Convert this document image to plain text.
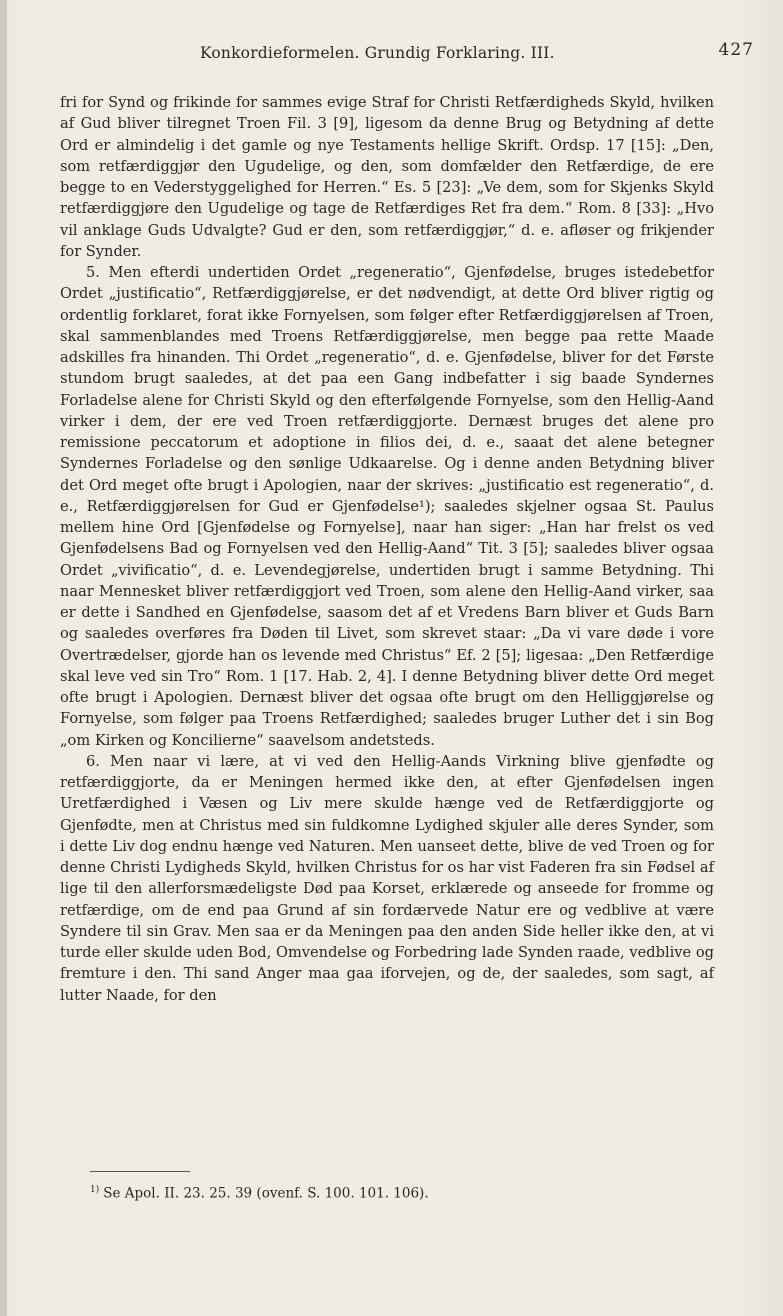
Konkordieformelen. Grundig Forklaring. III.	427

fri for Synd og frikinde for sammes evige Straf for Christi Retfærdigheds Skyld, hvilken af Gud bliver tilregnet Troen Fil. 3 [9], ligesom da denne Brug og Betydning af dette Ord er almindelig i det gamle og nye Testaments hellige Skrift. Ordsp. 17 [15]: „Den, som retfærdiggjør den Ugudelige, og den, som domfælder den Retfærdige, de ere begge to en Vederstyggelighed for Herren.“ Es. 5 [23]: „Ve dem, som for Skjenks Skyld retfærdiggjøre den Ugudelige og tage de Retfærdiges Ret fra dem.“ Rom. 8 [33]: „Hvo vil anklage Guds Udvalgte? Gud er den, som retfærdiggjør,“ d. e. afløser og frikjender for Synder.

5. Men efterdi undertiden Ordet „regeneratio“, Gjenfødelse, bruges istedebetfor Ordet „justificatio“, Retfærdiggjørelse, er det nødvendigt, at dette Ord bliver rigtig og ordentlig forklaret, forat ikke Fornyelsen, som følger efter Retfærdiggjørelsen af Troen, skal sammenblandes med Troens Retfærdiggjørelse, men begge paa rette Maade adskilles fra hinanden. Thi Ordet „regeneratio“, d. e. Gjenfødelse, bliver for det Første stundom brugt saaledes, at det paa een Gang indbefatter i sig baade Syndernes Forladelse alene for Christi Skyld og den efterfølgende Fornyelse, som den Hellig-Aand virker i dem, der ere ved Troen retfærdiggjorte. Dernæst bruges det alene pro remissione peccatorum et adoptione in filios dei, d. e., saaat det alene betegner Syndernes Forladelse og den sønlige Udkaarelse. Og i denne anden Betydning bliver det Ord meget ofte brugt i Apologien, naar der skrives: „justificatio est regeneratio“, d. e., Retfærdiggjørelsen for Gud er Gjenfødelse¹); saaledes skjelner ogsaa St. Paulus mellem hine Ord [Gjenfødelse og Fornyelse], naar han siger: „Han har frelst os ved Gjenfødelsens Bad og Fornyelsen ved den Hellig-Aand“ Tit. 3 [5]; saaledes bliver ogsaa Ordet „vivificatio“, d. e. Levendegjørelse, undertiden brugt i samme Betydning. Thi naar Mennesket bliver retfærdiggjort ved Troen, som alene den Hellig-Aand virker, saa er dette i Sandhed en Gjenfødelse, saasom det af et Vredens Barn bliver et Guds Barn og saaledes overføres fra Døden til Livet, som skrevet staar: „Da vi vare døde i vore Overtrædelser, gjorde han os levende med Christus“ Ef. 2 [5]; ligesaa: „Den Retfærdige skal leve ved sin Tro“ Rom. 1 [17. Hab. 2, 4]. I denne Betydning bliver dette Ord meget ofte brugt i Apologien. Dernæst bliver det ogsaa ofte brugt om den Helliggjørelse og Fornyelse, som følger paa Troens Retfærdighed; saaledes bruger Luther det i sin Bog „om Kirken og Koncilierne“ saavelsom andetsteds.

6. Men naar vi lære, at vi ved den Hellig-Aands Virkning blive gjenfødte og retfærdiggjorte, da er Meningen hermed ikke den, at efter Gjenfødelsen ingen Uretfærdighed i Væsen og Liv mere skulde hænge ved de Retfærdiggjorte og Gjenfødte, men at Christus med sin fuldkomne Lydighed skjuler alle deres Synder, som i dette Liv dog endnu hænge ved Naturen. Men uanseet dette, blive de ved Troen og for denne Christi Lydigheds Skyld, hvilken Christus for os har vist Faderen fra sin Fødsel af lige til den allerforsmædeligste Død paa Korset, erklærede og anseede for fromme og retfærdige, om de end paa Grund af sin fordærvede Natur ere og vedblive at være Syndere til sin Grav. Men saa er da Meningen paa den anden Side heller ikke den, at vi turde eller skulde uden Bod, Omvendelse og Forbedring lade Synden raade, vedblive og fremture i den. Thi sand Anger maa gaa iforvejen, og de, der saaledes, som sagt, af lutter Naade, for den

$^{1)}$ Se Apol. II. 23. 25. 39 (ovenf. S. 100. 101. 106).
